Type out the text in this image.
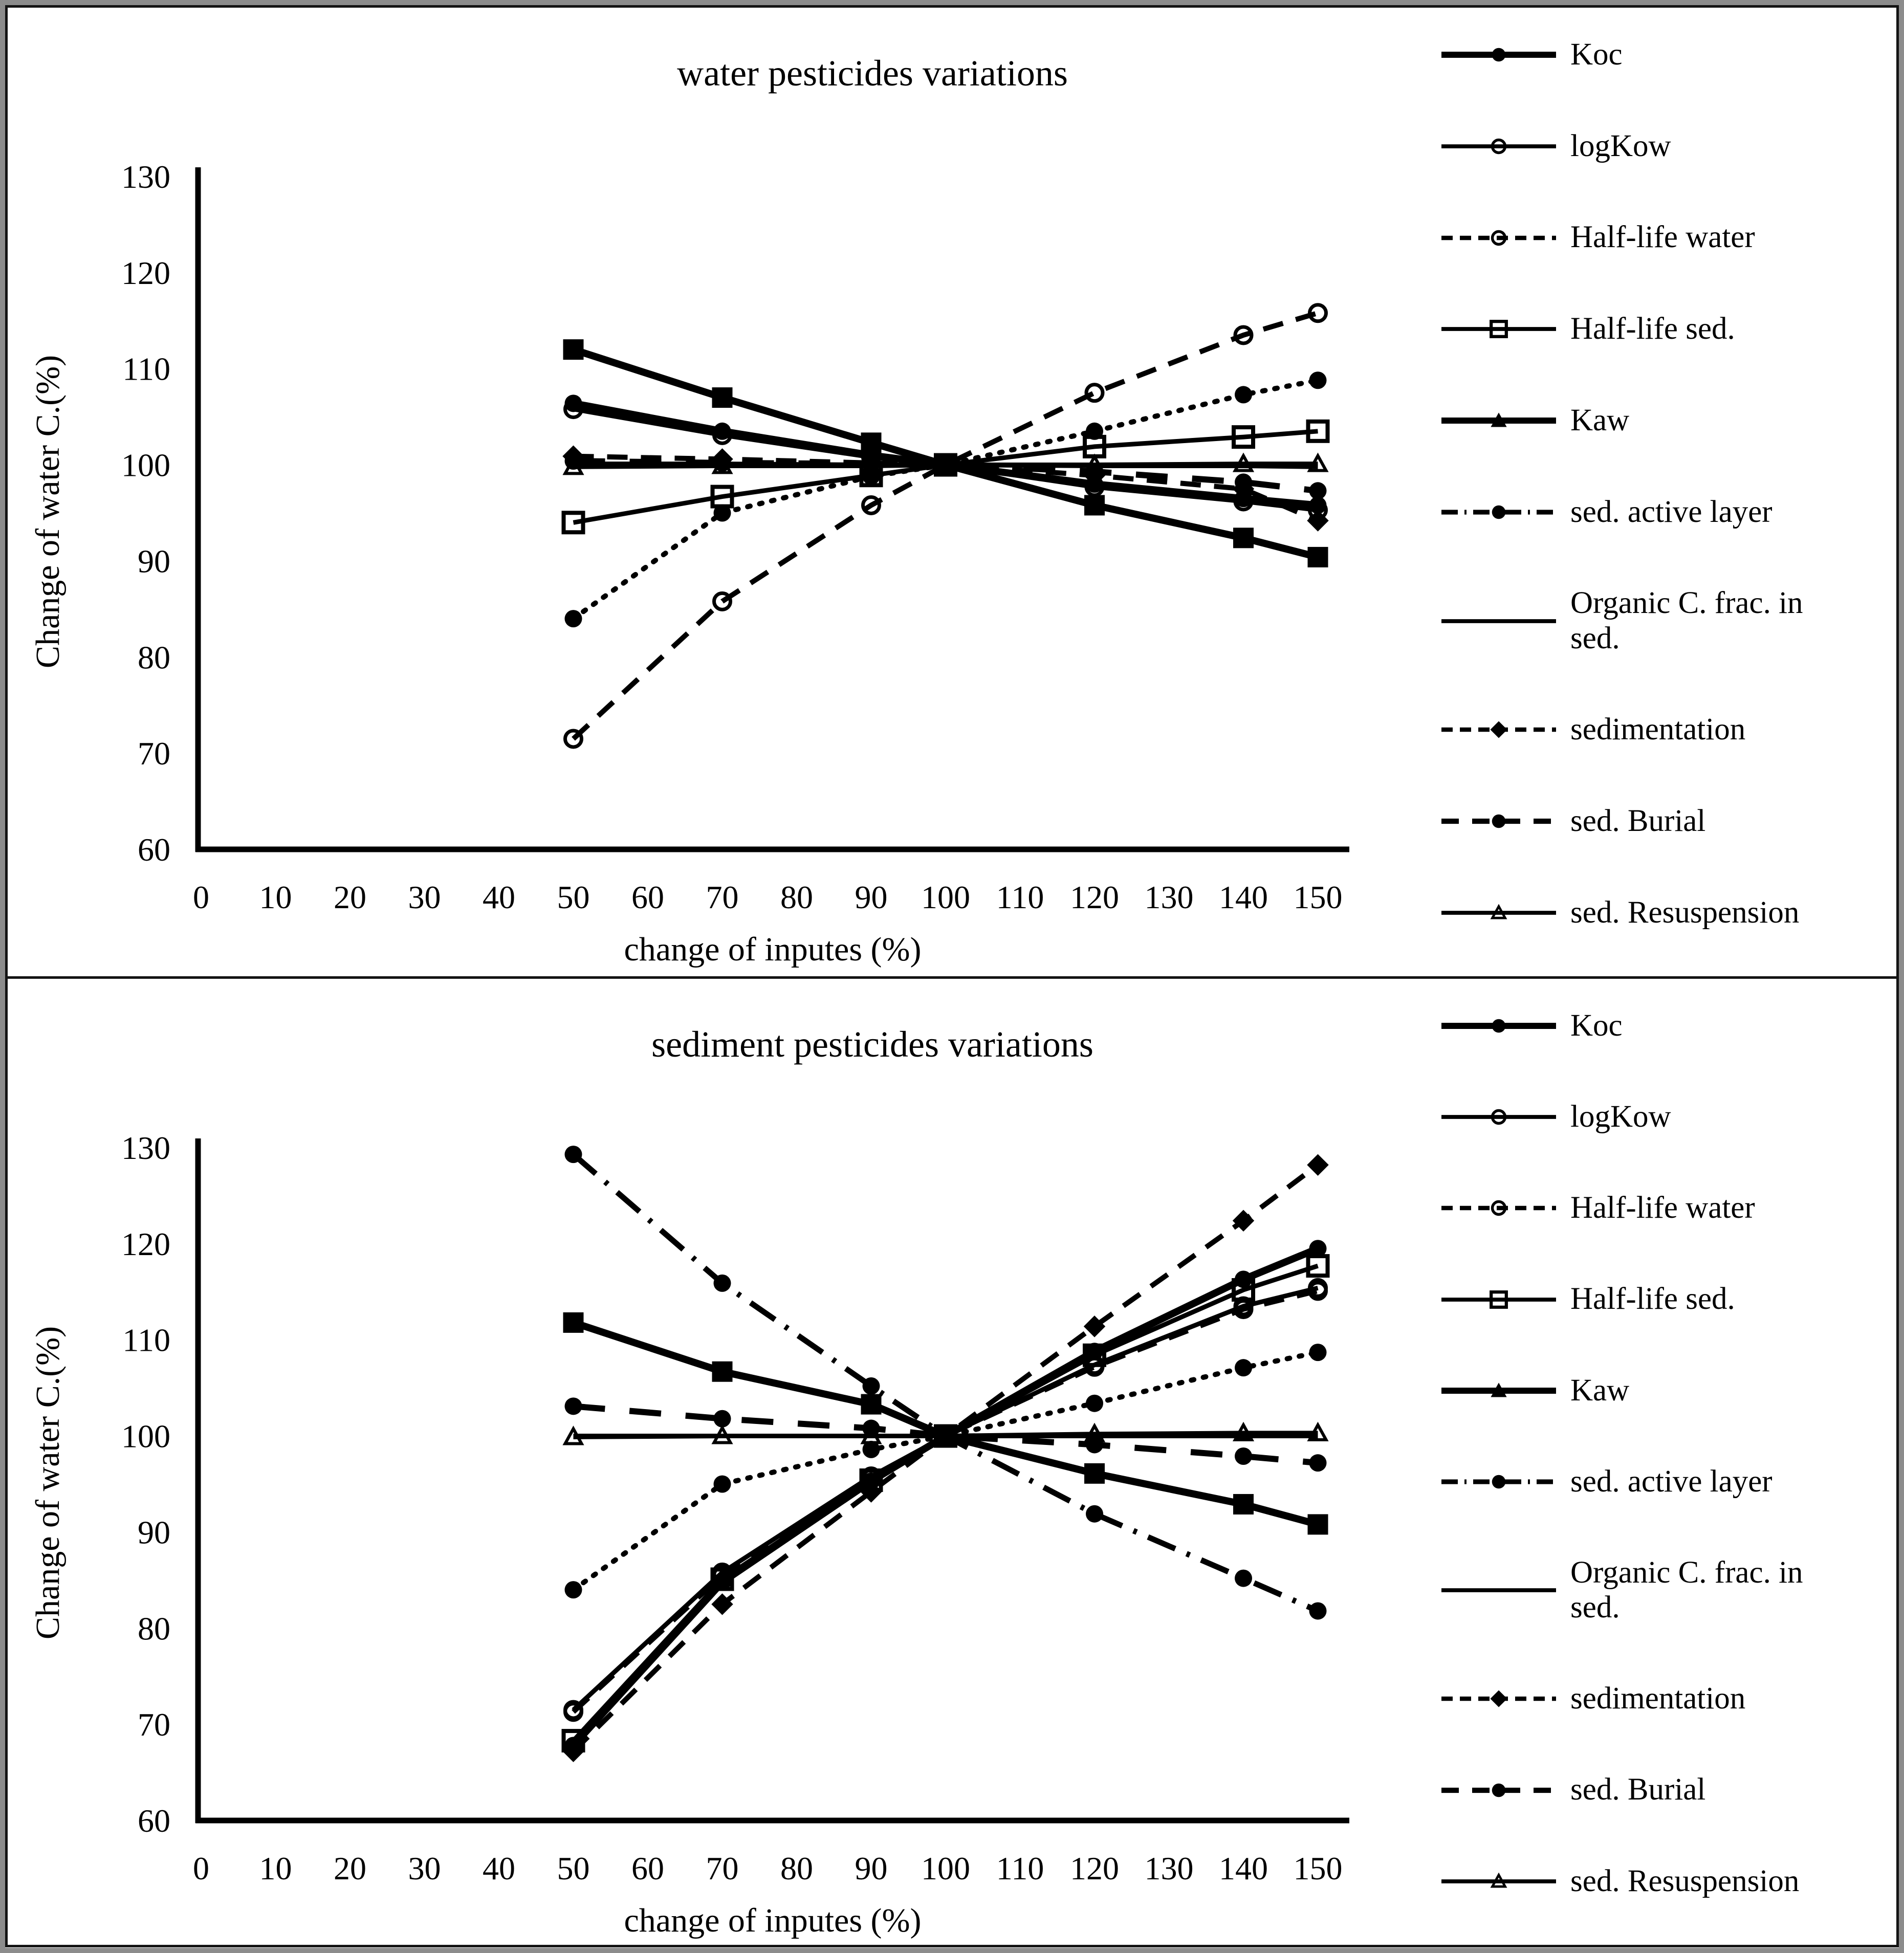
water pesticides variations
60
70
80
90
100
110
120
130
0 10 20 30 40 50 60 70 80 90 100 110 120 130 140 150
change of inputes (%)
Change of water C.(%)
Koc
logKow
Half-life water
Half-life sed.
Kaw
sed. active layer
Organic C. frac. in sed.
sedimentation
sed. Burial
sed. Resuspension
sediment pesticides variations
60
70
80
90
100
110
120
130
0 10 20 30 40 50 60 70 80 90 100 110 120 130 140 150
change of inputes (%)
Change of water C.(%)
Koc
logKow
Half-life water
Half-life sed.
Kaw
sed. active layer
Organic C. frac. in sed.
sedimentation
sed. Burial
sed. Resuspension
